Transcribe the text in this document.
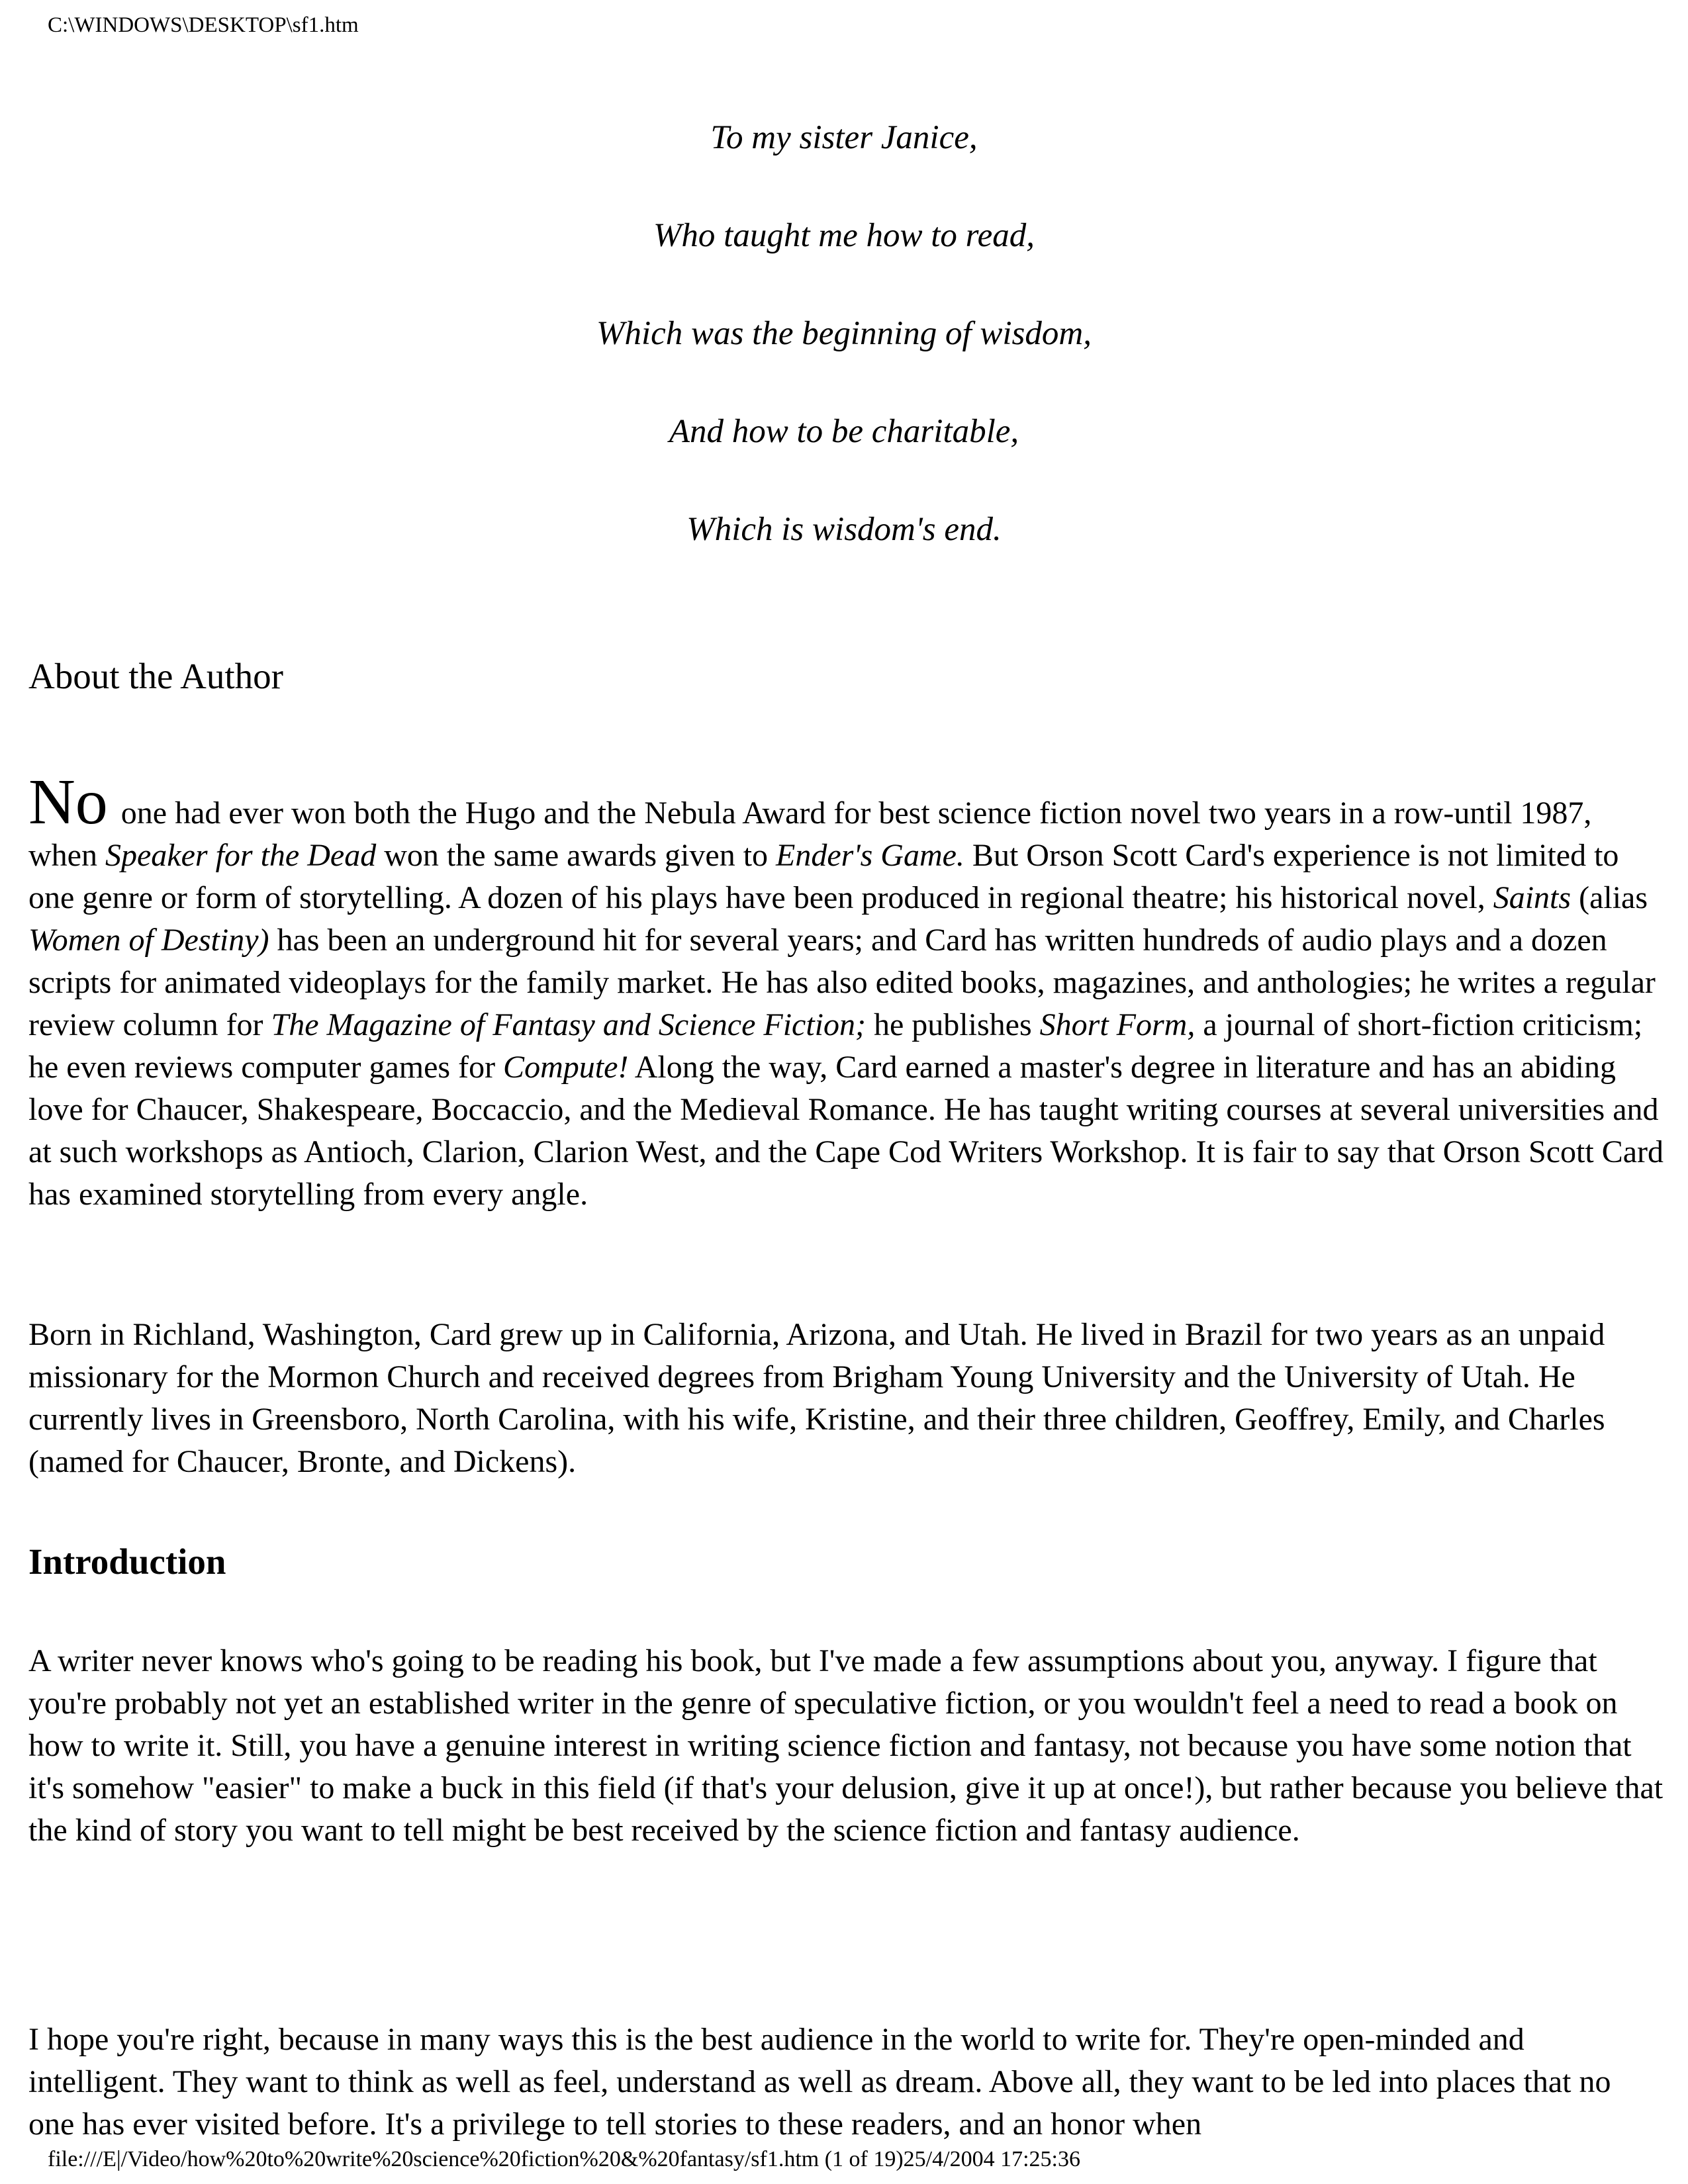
C:\WINDOWS\DESKTOP\sf1.htm
To my sister Janice,
Who taught me how to read,
Which was the beginning of wisdom,
And how to be charitable,
Which is wisdom's end.
About the Author

No one had ever won both the Hugo and the Nebula Award for best science fiction novel two years in a row-until 1987, when Speaker for the Dead won the same awards given to Ender's Game. But Orson Scott Card's experience is not limited to one genre or form of storytelling. A dozen of his plays have been produced in regional theatre; his historical novel, Saints (alias Women of Destiny) has been an underground hit for several years; and Card has written hundreds of audio plays and a dozen scripts for animated videoplays for the family market. He has also edited books, magazines, and anthologies; he writes a regular review column for The Magazine of Fantasy and Science Fiction; he publishes Short Form, a journal of short-fiction criticism; he even reviews computer games for Compute! Along the way, Card earned a master's degree in literature and has an abiding love for Chaucer, Shakespeare, Boccaccio, and the Medieval Romance. He has taught writing courses at several universities and at such workshops as Antioch, Clarion, Clarion West, and the Cape Cod Writers Workshop. It is fair to say that Orson Scott Card has examined storytelling from every angle.

Born in Richland, Washington, Card grew up in California, Arizona, and Utah. He lived in Brazil for two years as an unpaid missionary for the Mormon Church and received degrees from Brigham Young University and the University of Utah. He currently lives in Greensboro, North Carolina, with his wife, Kristine, and their three children, Geoffrey, Emily, and Charles (named for Chaucer, Bronte, and Dickens).

Introduction

A writer never knows who's going to be reading his book, but I've made a few assumptions about you, anyway. I figure that you're probably not yet an established writer in the genre of speculative fiction, or you wouldn't feel a need to read a book on how to write it. Still, you have a genuine interest in writing science fiction and fantasy, not because you have some notion that it's somehow "easier" to make a buck in this field (if that's your delusion, give it up at once!), but rather because you believe that the kind of story you want to tell might be best received by the science fiction and fantasy audience.

I hope you're right, because in many ways this is the best audience in the world to write for. They're open-minded and intelligent. They want to think as well as feel, understand as well as dream. Above all, they want to be led into places that no one has ever visited before. It's a privilege to tell stories to these readers, and an honor when

file:///E|/Video/how%20to%20write%20science%20fiction%20&%20fantasy/sf1.htm (1 of 19)25/4/2004 17:25:36
